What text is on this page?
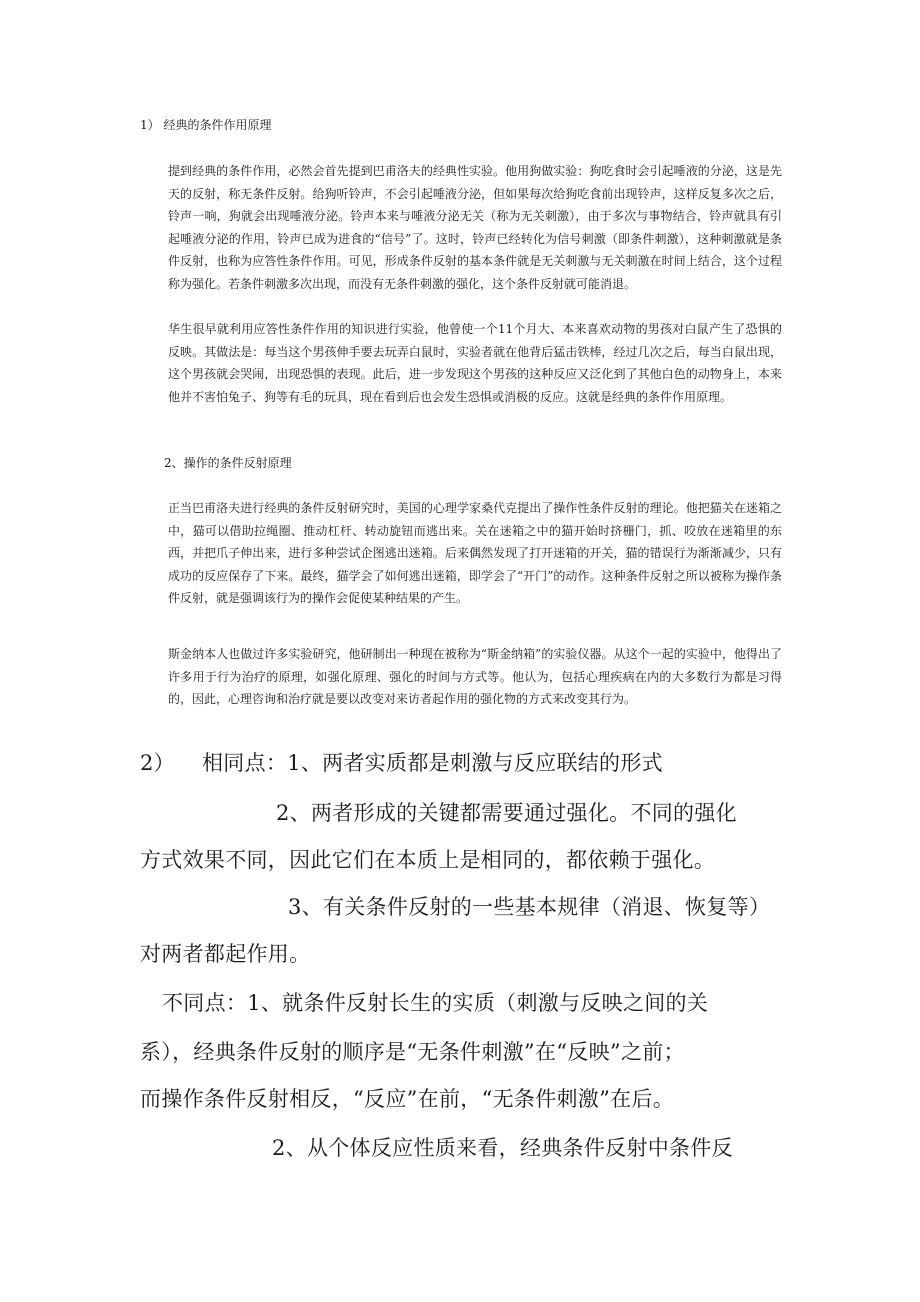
1） 经典的条件作用原理
提到经典的条件作用，必然会首先提到巴甫洛夫的经典性实验。他用狗做实验：狗吃食时会引起唾液的分泌，这是先天的反射，称无条件反射。给狗听铃声，不会引起唾液分泌，但如果每次给狗吃食前出现铃声，这样反复多次之后，铃声一响，狗就会出现唾液分泌。铃声本来与唾液分泌无关（称为无关刺激），由于多次与事物结合，铃声就具有引起唾液分泌的作用，铃声已成为进食的“信号”了。这时，铃声已经转化为信号刺激（即条件刺激），这种刺激就是条件反射，也称为应答性条件作用。可见，形成条件反射的基本条件就是无关刺激与无关刺激在时间上结合，这个过程称为强化。若条件刺激多次出现，而没有无条件刺激的强化，这个条件反射就可能消退。
华生很早就利用应答性条件作用的知识进行实验，他曾使一个11个月大、本来喜欢动物的男孩对白鼠产生了恐惧的反映。其做法是：每当这个男孩伸手要去玩弄白鼠时，实验者就在他背后猛击铁棒，经过几次之后，每当白鼠出现，这个男孩就会哭闹，出现恐惧的表现。此后，进一步发现这个男孩的这种反应又泛化到了其他白色的动物身上，本来他并不害怕兔子、狗等有毛的玩具，现在看到后也会发生恐惧或消极的反应。这就是经典的条件作用原理。
2、操作的条件反射原理
正当巴甫洛夫进行经典的条件反射研究时，美国的心理学家桑代克提出了操作性条件反射的理论。他把猫关在迷箱之中，猫可以借助拉绳圈、推动杠杆、转动旋钮而逃出来。关在迷箱之中的猫开始时挤栅门，抓、咬放在迷箱里的东西，并把爪子伸出来，进行多种尝试企图逃出迷箱。后来偶然发现了打开迷箱的开关，猫的错误行为渐渐减少，只有成功的反应保存了下来。最终，猫学会了如何逃出迷箱，即学会了“开门”的动作。这种条件反射之所以被称为操作条件反射，就是强调该行为的操作会促使某种结果的产生。
斯金纳本人也做过许多实验研究，他研制出一种现在被称为“斯金纳箱”的实验仪器。从这个一起的实验中，他得出了许多用于行为治疗的原理，如强化原理、强化的时间与方式等。他认为，包括心理疾病在内的大多数行为都是习得的，因此，心理咨询和治疗就是要以改变对来访者起作用的强化物的方式来改变其行为。
2） 相同点：1、两者实质都是刺激与反应联结的形式
2、两者形成的关键都需要通过强化。不同的强化
方式效果不同，因此它们在本质上是相同的，都依赖于强化。
3、有关条件反射的一些基本规律（消退、恢复等）
对两者都起作用。
不同点：1、就条件反射长生的实质（刺激与反映之间的关
系），经典条件反射的顺序是“无条件刺激”在“反映”之前；
而操作条件反射相反，“反应”在前，“无条件刺激”在后。
2、从个体反应性质来看，经典条件反射中条件反
